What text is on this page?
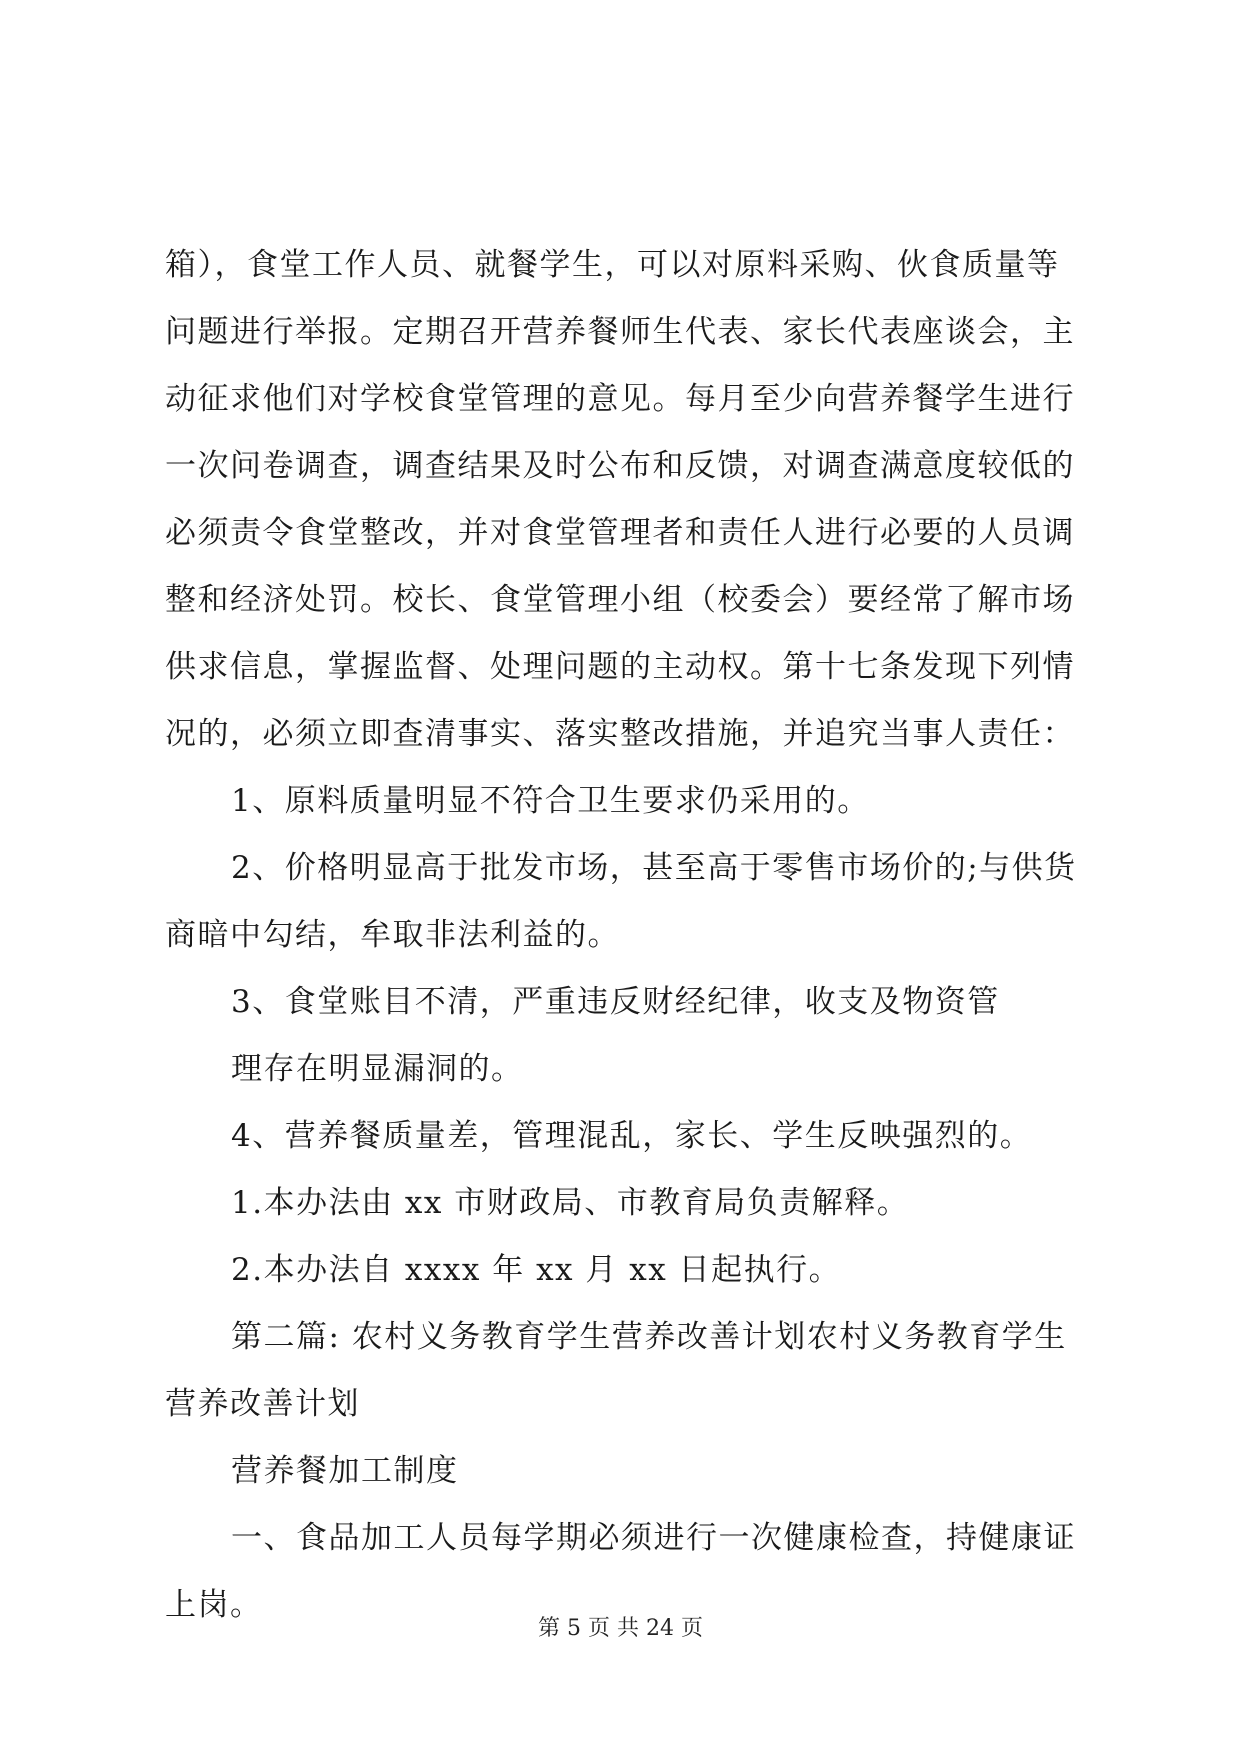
箱），食堂工作人员、就餐学生，可以对原料采购、伙食质量等
问题进行举报。定期召开营养餐师生代表、家长代表座谈会，主
动征求他们对学校食堂管理的意见。每月至少向营养餐学生进行
一次问卷调查，调查结果及时公布和反馈，对调查满意度较低的
必须责令食堂整改，并对食堂管理者和责任人进行必要的人员调
整和经济处罚。校长、食堂管理小组（校委会）要经常了解市场
供求信息，掌握监督、处理问题的主动权。第十七条发现下列情
况的，必须立即查清事实、落实整改措施，并追究当事人责任：
1、原料质量明显不符合卫生要求仍采用的。
2、价格明显高于批发市场，甚至高于零售市场价的;与供货
商暗中勾结，牟取非法利益的。
3、食堂账目不清，严重违反财经纪律，收支及物资管
理存在明显漏洞的。
4、营养餐质量差，管理混乱，家长、学生反映强烈的。
1.本办法由 xx 市财政局、市教育局负责解释。
2.本办法自 xxxx 年 xx 月 xx 日起执行。
第二篇: 农村义务教育学生营养改善计划农村义务教育学生
营养改善计划
营养餐加工制度
一、食品加工人员每学期必须进行一次健康检查，持健康证
上岗。
第 5 页 共 24 页
